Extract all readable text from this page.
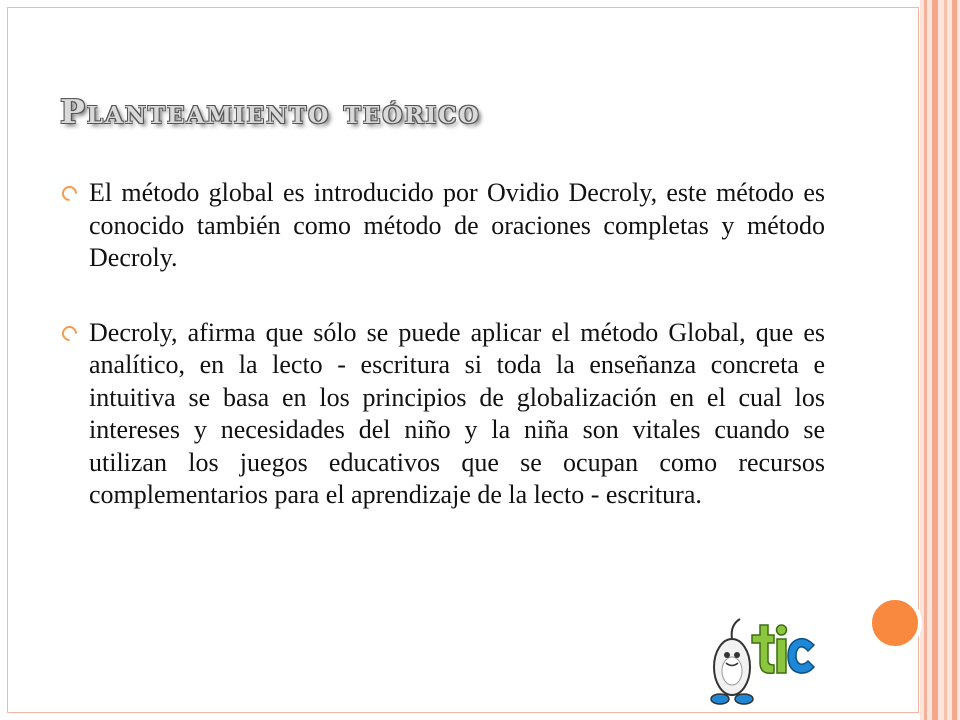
Planteamiento teórico
El método global es introducido por Ovidio Decroly, este método es conocido también como método de oraciones completas y método Decroly.
Decroly, afirma que sólo se puede aplicar el método Global, que es analítico, en la lecto - escritura si toda la enseñanza concreta e intuitiva se basa en los principios de globalización en el cual los intereses y necesidades del niño y la niña son vitales cuando se utilizan los juegos educativos que se ocupan como recursos complementarios para el aprendizaje de la lecto - escritura.
